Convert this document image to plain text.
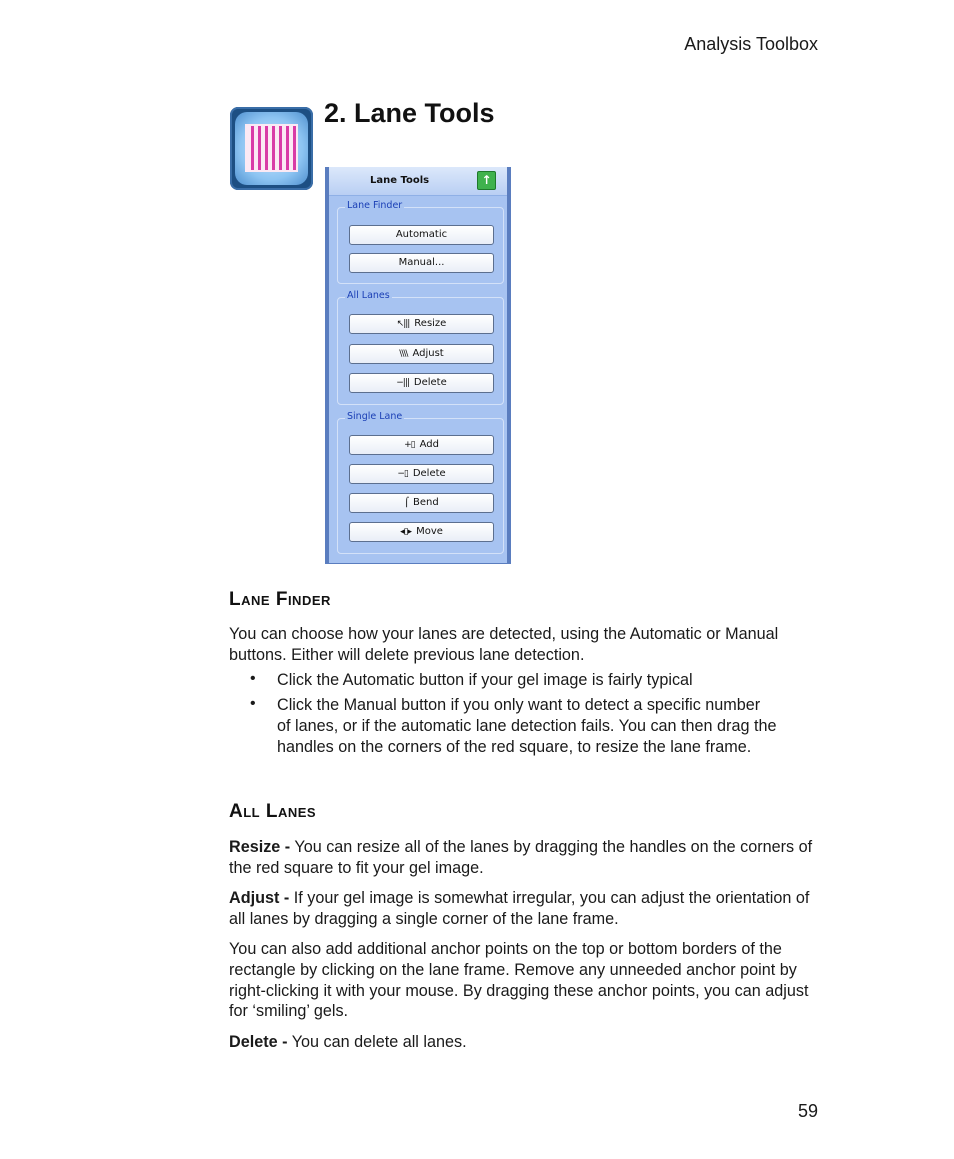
Analysis Toolbox
2. Lane Tools
Lane Tools	↑
Lane Finder
Automatic
Manual...
All Lanes
↖||| Resize
\\\\ Adjust
−||| Delete
Single Lane
+▯ Add
−▯ Delete
⌠ Bend
◂▯▸ Move
Lane Finder
You can choose how your lanes are detected, using the Automatic or Manual buttons. Either will delete previous lane detection.
• Click the Automatic button if your gel image is fairly typical
• Click the Manual button if you only want to detect a specific number of lanes, or if the automatic lane detection fails. You can then drag the handles on the corners of the red square, to resize the lane frame.
All Lanes
Resize - You can resize all of the lanes by dragging the handles on the corners of the red square to fit your gel image.
Adjust - If your gel image is somewhat irregular, you can adjust the orientation of all lanes by dragging a single corner of the lane frame.
You can also add additional anchor points on the top or bottom borders of the rectangle by clicking on the lane frame. Remove any unneeded anchor point by right-clicking it with your mouse. By dragging these anchor points, you can adjust for ‘smiling’ gels.
Delete - You can delete all lanes.
59
